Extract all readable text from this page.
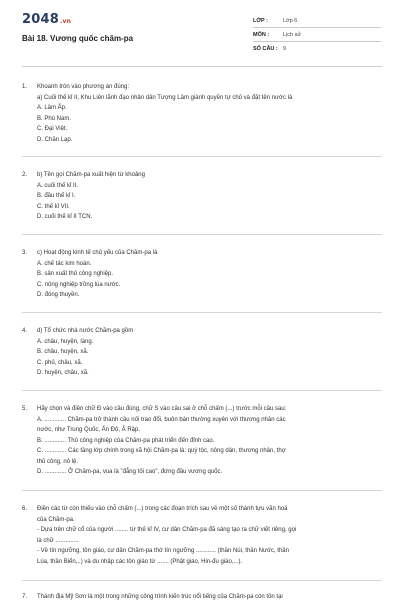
2048.vn
Bài 18. Vương quốc chăm-pa
LỚP :	Lớp 6
MÔN :	Lịch sử
SỐ CÂU : 9
1. Khoanh tròn vào phương án đúng:
a) Cuối thế kỉ II, Khu Liên lãnh đạo nhân dân Tượng Lâm giành quyền tự chủ và đặt tên nước là
A. Lâm Ấp.
B. Phù Nam.
C. Đại Việt.
D. Chăn Lạp.
2. b) Tên gọi Chăm-pa xuất hiện từ khoảng
A. cuối thế kỉ II.
B. đầu thế kỉ I.
C. thế kỉ VII.
D. cuối thế kỉ II TCN.
3. c) Hoạt động kinh tế chủ yếu của Chăm-pa là
A. chế tác kim hoàn.
B. sản xuất thủ công nghiệp.
C. nông nghiệp trồng lúa nước.
D. đóng thuyền.
4. d) Tổ chức nhà nước Chăm-pa gồm
A. châu, huyện, làng.
B. châu, huyện, xã.
C. phủ, châu, xã.
D. huyện, châu, xã.
5. Hãy chọn và điền chữ Đ vào câu đúng, chữ S vào câu sai ở chỗ chấm (...) trước mỗi câu sau:
A. ............. Chăm-pa trở thành cầu nối trao đổi, buôn bán thường xuyên với thương nhân các
nước, như Trung Quốc, Ấn Độ, Ả Rập.
B. ............. Thủ công nghiệp của Chăm-pa phát triển đến đỉnh cao.
C. ............. Các tầng lớp chính trong xã hội Chăm-pa là: quý tộc, nông dân, thương nhân, thợ
thủ công, nô lệ.
D. ............. Ở Chăm-pa, vua là "đẳng tối cao", đứng đầu vương quốc.
6. Điền các từ còn thiếu vào chỗ chấm (...) trong các đoạn trích sau về một số thành tựu văn hoá
của Chăm-pa.
- Dựa trên chữ cổ của người ........ từ thế kỉ IV, cư dân Chăm-pa đã sáng tạo ra chữ viết riêng, gọi
là chữ ..............
- Về tín ngưỡng, tôn giáo, cư dân Chăm-pa thờ tín ngưỡng ............ (thần Núi, thần Nước, thần
Lúa, thần Biển,..) và du nhập các tôn giáo từ ....... (Phật giáo, Hin-đu giáo,...).
7. Thánh địa Mỹ Sơn là một trong những công trình kiến trúc nổi tiếng của Chăm-pa còn tồn tại
